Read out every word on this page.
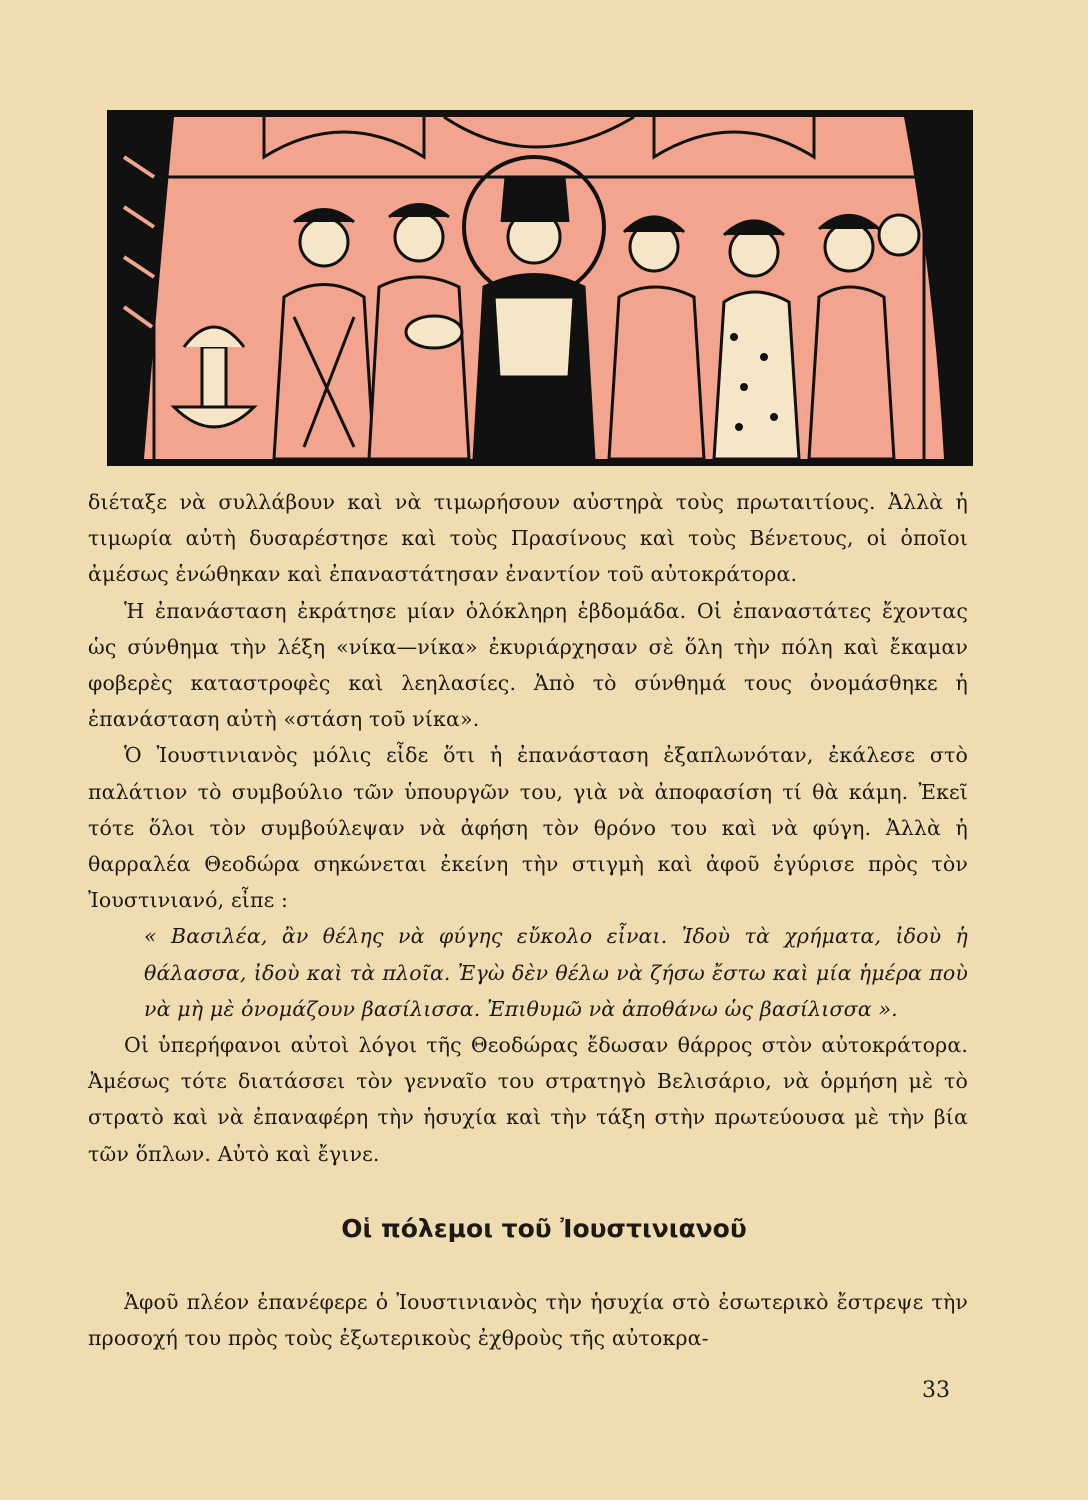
διέταξε νὰ συλλάβουν καὶ νὰ τιμωρήσουν αὐστηρὰ τοὺς πρωταιτίους. Ἀλλὰ ἡ τιμωρία αὐτὴ δυσαρέστησε καὶ τοὺς Πρασίνους καὶ τοὺς Βένετους, οἱ ὁποῖοι ἀμέσως ἑνώθηκαν καὶ ἐπαναστάτησαν ἐναντίον τοῦ αὐτοκράτορα.

Ἡ ἐπανάσταση ἐκράτησε μίαν ὁλόκληρη ἑβδομάδα. Οἱ ἐπαναστάτες ἔχοντας ὡς σύνθημα τὴν λέξη «νίκα—νίκα» ἐκυριάρχησαν σὲ ὅλη τὴν πόλη καὶ ἔκαμαν φοβερὲς καταστροφὲς καὶ λεηλασίες. Ἀπὸ τὸ σύνθημά τους ὀνομάσθηκε ἡ ἐπανάσταση αὐτὴ «στάση τοῦ νίκα».

Ὁ Ἰουστινιανὸς μόλις εἶδε ὅτι ἡ ἐπανάσταση ἐξαπλωνόταν, ἐκάλεσε στὸ παλάτιον τὸ συμβούλιο τῶν ὑπουργῶν του, γιὰ νὰ ἀποφασίση τί θὰ κάμη. Ἐκεῖ τότε ὅλοι τὸν συμβούλεψαν νὰ ἀφήση τὸν θρόνο του καὶ νὰ φύγη. Ἀλλὰ ἡ θαρραλέα Θεοδώρα σηκώνεται ἐκείνη τὴν στιγμὴ καὶ ἀφοῦ ἐγύρισε πρὸς τὸν Ἰουστινιανό, εἶπε :

« Βασιλέα, ἂν θέλης νὰ φύγης εὔκολο εἶναι. Ἰδοὺ τὰ χρήματα, ἰδοὺ ἡ θάλασσα, ἰδοὺ καὶ τὰ πλοῖα. Ἐγὼ δὲν θέλω νὰ ζήσω ἔστω καὶ μία ἡμέρα ποὺ νὰ μὴ μὲ ὀνομάζουν βασίλισσα. Ἐπιθυμῶ νὰ ἀποθάνω ὡς βασίλισσα ».

Οἱ ὑπερήφανοι αὐτοὶ λόγοι τῆς Θεοδώρας ἔδωσαν θάρρος στὸν αὐτοκράτορα. Ἀμέσως τότε διατάσσει τὸν γενναῖο του στρατηγὸ Βελισάριο, νὰ ὁρμήση μὲ τὸ στρατὸ καὶ νὰ ἐπαναφέρη τὴν ἡσυχία καὶ τὴν τάξη στὴν πρωτεύουσα μὲ τὴν βία τῶν ὅπλων. Αὐτὸ καὶ ἔγινε.

Οἱ πόλεμοι τοῦ Ἰουστινιανοῦ

Ἀφοῦ πλέον ἐπανέφερε ὁ Ἰουστινιανὸς τὴν ἡσυχία στὸ ἐσωτερικὸ ἔστρεψε τὴν προσοχή του πρὸς τοὺς ἐξωτερικοὺς ἐχθροὺς τῆς αὐτοκρα-

33
